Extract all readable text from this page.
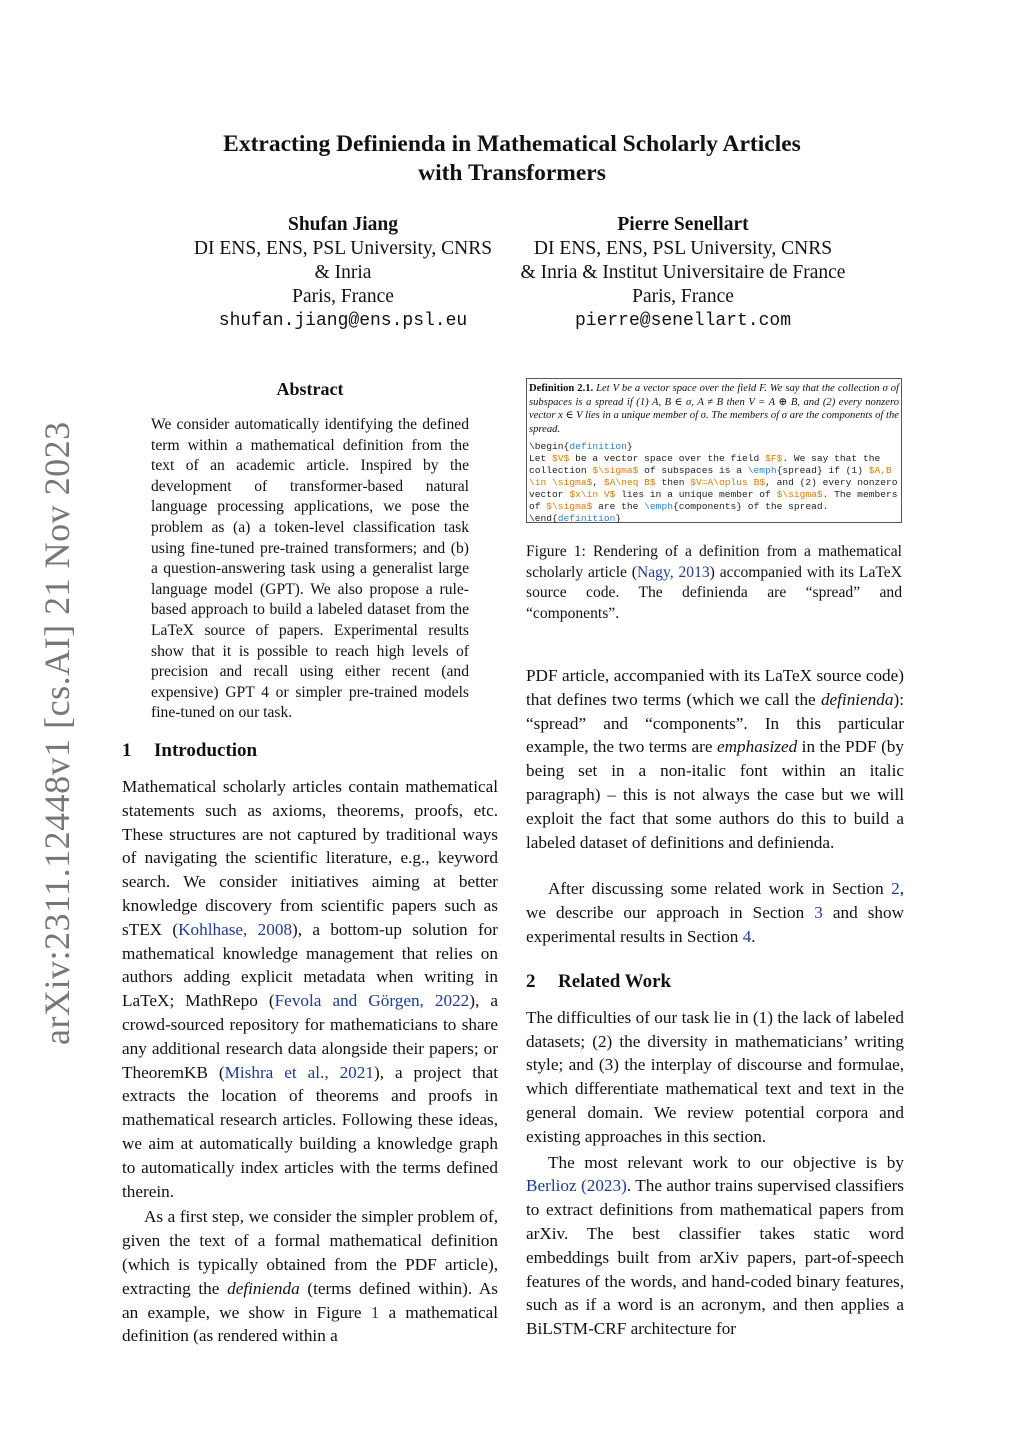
arXiv:2311.12448v1 [cs.AI] 21 Nov 2023
Extracting Definienda in Mathematical Scholarly Articles
with Transformers
Shufan Jiang
DI ENS, ENS, PSL University, CNRS
& Inria
Paris, France
shufan.jiang@ens.psl.eu
Pierre Senellart
DI ENS, ENS, PSL University, CNRS
& Inria & Institut Universitaire de France
Paris, France
pierre@senellart.com
Abstract

We consider automatically identifying the defined term within a mathematical definition from the text of an academic article. Inspired by the development of transformer-based natural language processing applications, we pose the problem as (a) a token-level classification task using fine-tuned pre-trained transformers; and (b) a question-answering task using a generalist large language model (GPT). We also propose a rule-based approach to build a labeled dataset from the LaTeX source of papers. Experimental results show that it is possible to reach high levels of precision and recall using either recent (and expensive) GPT 4 or simpler pre-trained models fine-tuned on our task.

1 Introduction

Mathematical scholarly articles contain mathematical statements such as axioms, theorems, proofs, etc. These structures are not captured by traditional ways of navigating the scientific literature, e.g., keyword search. We consider initiatives aiming at better knowledge discovery from scientific papers such as sTEX (Kohlhase, 2008), a bottom-up solution for mathematical knowledge management that relies on authors adding explicit metadata when writing in LaTeX; MathRepo (Fevola and Görgen, 2022), a crowd-sourced repository for mathematicians to share any additional research data alongside their papers; or TheoremKB (Mishra et al., 2021), a project that extracts the location of theorems and proofs in mathematical research articles. Following these ideas, we aim at automatically building a knowledge graph to automatically index articles with the terms defined therein.

As a first step, we consider the simpler problem of, given the text of a formal mathematical definition (which is typically obtained from the PDF article), extracting the definienda (terms defined within). As an example, we show in Figure 1 a mathematical definition (as rendered within a

Definition 2.1. Let V be a vector space over the field F. We say that the collection σ of subspaces is a spread if (1) A, B ∈ σ, A ≠ B then V = A ⊕ B, and (2) every nonzero vector x ∈ V lies in a unique member of σ. The members of σ are the components of the spread.
\begin{definition}
Let $V$ be a vector space over the field $F$. We say that the
collection $\sigma$ of subspaces is a \emph{spread} if (1) $A,B
\in \sigma$, $A\neq B$ then $V=A\oplus B$, and (2) every nonzero
vector $x\in V$ lies in a unique member of $\sigma$. The members
of $\sigma$ are the \emph{components} of the spread.
\end{definition}
Figure 1: Rendering of a definition from a mathematical scholarly article (Nagy, 2013) accompanied with its LaTeX source code. The definienda are “spread” and “components”.

PDF article, accompanied with its LaTeX source code) that defines two terms (which we call the definienda): “spread” and “components”. In this particular example, the two terms are emphasized in the PDF (by being set in a non-italic font within an italic paragraph) – this is not always the case but we will exploit the fact that some authors do this to build a labeled dataset of definitions and definienda.

After discussing some related work in Section 2, we describe our approach in Section 3 and show experimental results in Section 4.

2 Related Work

The difficulties of our task lie in (1) the lack of labeled datasets; (2) the diversity in mathematicians’ writing style; and (3) the interplay of discourse and formulae, which differentiate mathematical text and text in the general domain. We review potential corpora and existing approaches in this section.

The most relevant work to our objective is by Berlioz (2023). The author trains supervised classifiers to extract definitions from mathematical papers from arXiv. The best classifier takes static word embeddings built from arXiv papers, part-of-speech features of the words, and hand-coded binary features, such as if a word is an acronym, and then applies a BiLSTM-CRF architecture for
